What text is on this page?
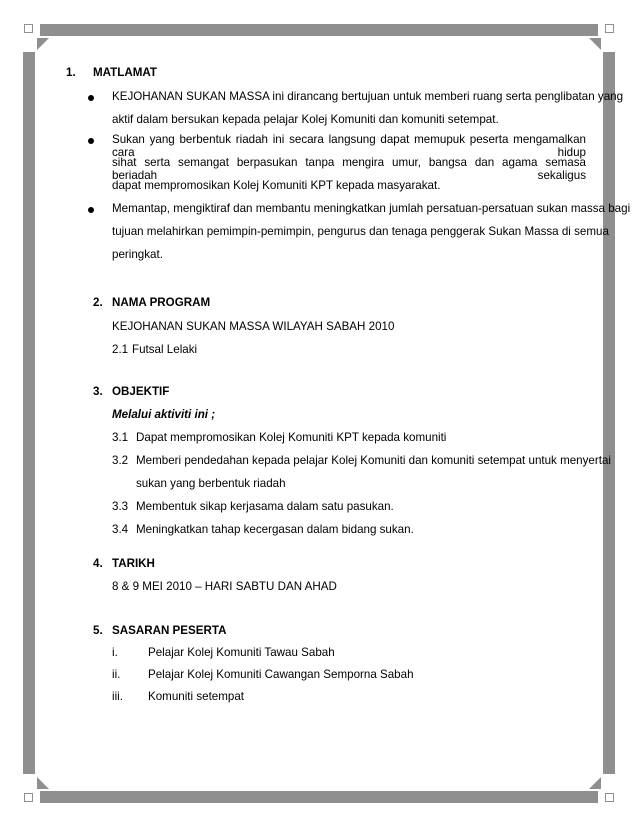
1. MATLAMAT
KEJOHANAN SUKAN MASSA ini dirancang bertujuan untuk memberi ruang serta penglibatan yang
aktif dalam bersukan kepada pelajar Kolej Komuniti dan komuniti setempat.
Sukan yang berbentuk riadah ini secara langsung dapat memupuk peserta mengamalkan cara hidup
sihat serta semangat berpasukan tanpa mengira umur, bangsa dan agama semasa beriadah sekaligus
dapat mempromosikan Kolej Komuniti KPT kepada masyarakat.
Memantap, mengiktiraf dan membantu meningkatkan jumlah persatuan-persatuan sukan massa bagi
tujuan melahirkan pemimpin-pemimpin, pengurus dan tenaga penggerak Sukan Massa di semua
peringkat.
2. NAMA PROGRAM
KEJOHANAN SUKAN MASSA WILAYAH SABAH 2010
2.1 Futsal Lelaki
3. OBJEKTIF
Melalui aktiviti ini ;
3.1 Dapat mempromosikan Kolej Komuniti KPT kepada komuniti
3.2 Memberi pendedahan kepada pelajar Kolej Komuniti dan komuniti setempat untuk menyertai
sukan yang berbentuk riadah
3.3 Membentuk sikap kerjasama dalam satu pasukan.
3.4 Meningkatkan tahap kecergasan dalam bidang sukan.
4. TARIKH
8 & 9 MEI 2010 – HARI SABTU DAN AHAD
5. SASARAN PESERTA
i.	Pelajar Kolej Komuniti Tawau Sabah
ii. Pelajar Kolej Komuniti Cawangan Semporna Sabah
iii. Komuniti setempat
